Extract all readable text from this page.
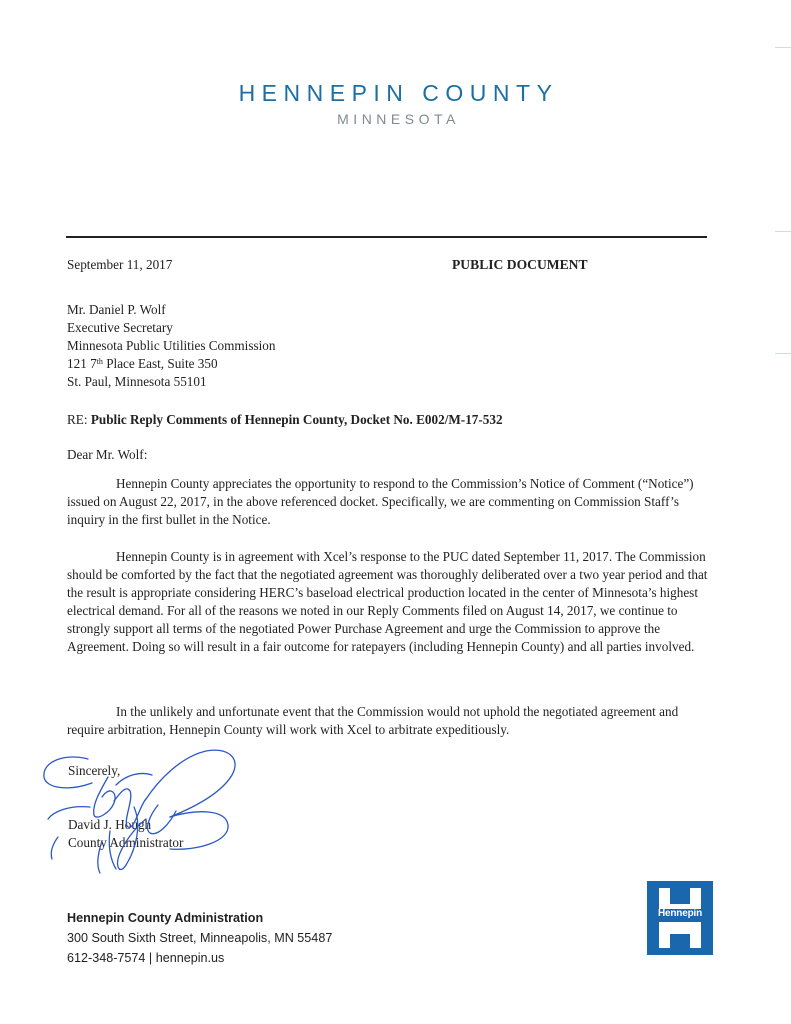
HENNEPIN COUNTY
MINNESOTA
September 11, 2017	PUBLIC DOCUMENT
Mr. Daniel P. Wolf
Executive Secretary
Minnesota Public Utilities Commission
121 7th Place East, Suite 350
St. Paul, Minnesota 55101
RE: Public Reply Comments of Hennepin County, Docket No. E002/M-17-532
Dear Mr. Wolf:

Hennepin County appreciates the opportunity to respond to the Commission’s Notice of Comment (“Notice”) issued on August 22, 2017, in the above referenced docket. Specifically, we are commenting on Commission Staff’s inquiry in the first bullet in the Notice.

Hennepin County is in agreement with Xcel’s response to the PUC dated September 11, 2017. The Commission should be comforted by the fact that the negotiated agreement was thoroughly deliberated over a two year period and that the result is appropriate considering HERC’s baseload electrical production located in the center of Minnesota’s highest electrical demand. For all of the reasons we noted in our Reply Comments filed on August 14, 2017, we continue to strongly support all terms of the negotiated Power Purchase Agreement and urge the Commission to approve the Agreement. Doing so will result in a fair outcome for ratepayers (including Hennepin County) and all parties involved.

In the unlikely and unfortunate event that the Commission would not uphold the negotiated agreement and require arbitration, Hennepin County will work with Xcel to arbitrate expeditiously.

Sincerely,
David J. Hough
County Administrator
Hennepin County Administration
300 South Sixth Street, Minneapolis, MN 55487
612-348-7574 | hennepin.us
Hennepin
